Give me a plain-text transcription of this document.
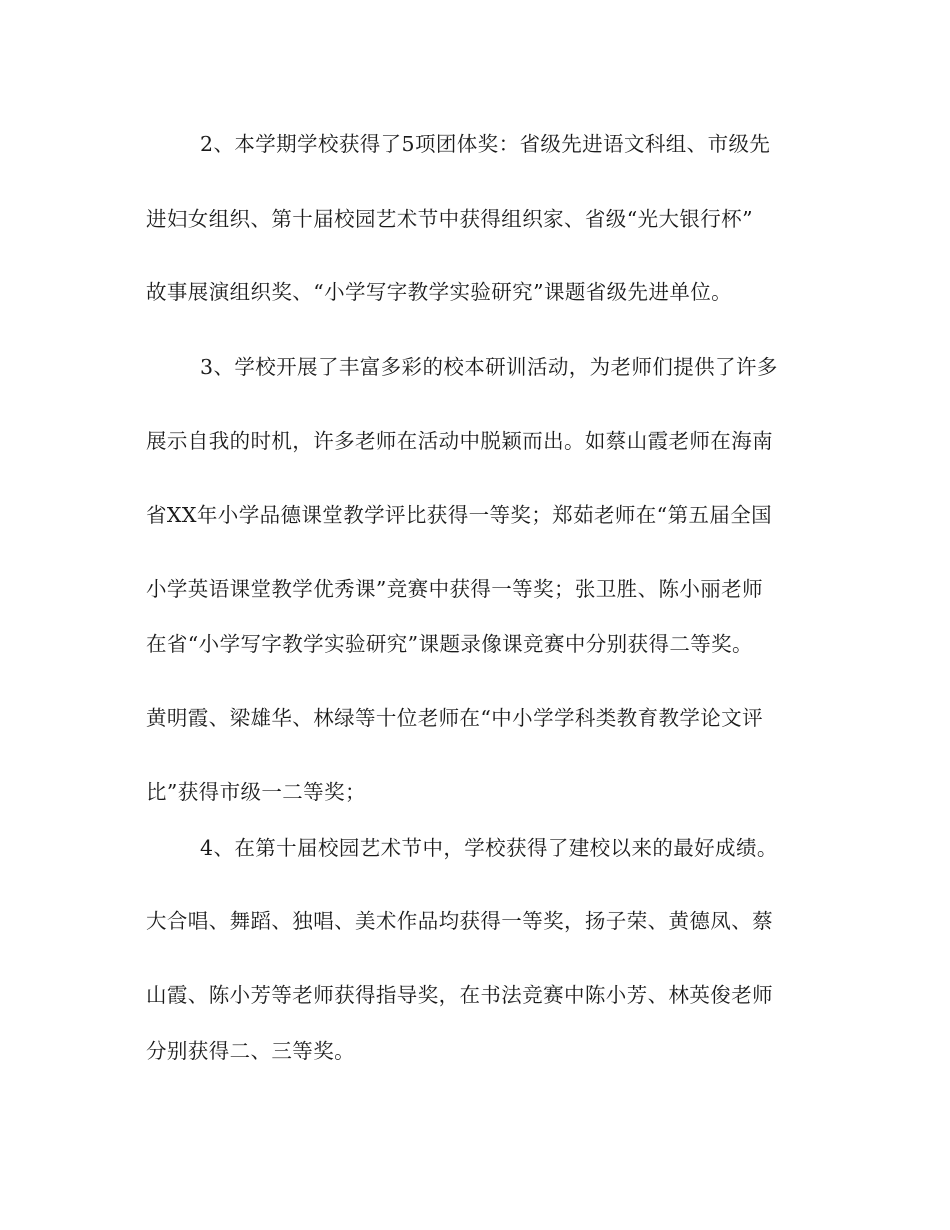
2、本学期学校获得了5项团体奖：省级先进语文科组、市级先
进妇女组织、第十届校园艺术节中获得组织家、省级“光大银行杯”
故事展演组织奖、“小学写字教学实验研究”课题省级先进单位。
3、学校开展了丰富多彩的校本研训活动，为老师们提供了许多
展示自我的时机，许多老师在活动中脱颖而出。如蔡山霞老师在海南
省XX年小学品德课堂教学评比获得一等奖；郑茹老师在“第五届全国
小学英语课堂教学优秀课”竞赛中获得一等奖；张卫胜、陈小丽老师
在省“小学写字教学实验研究”课题录像课竞赛中分别获得二等奖。
黄明霞、梁雄华、林绿等十位老师在“中小学学科类教育教学论文评
比”获得市级一二等奖；
4、在第十届校园艺术节中，学校获得了建校以来的最好成绩。
大合唱、舞蹈、独唱、美术作品均获得一等奖，扬子荣、黄德凤、蔡
山霞、陈小芳等老师获得指导奖，在书法竞赛中陈小芳、林英俊老师
分别获得二、三等奖。
